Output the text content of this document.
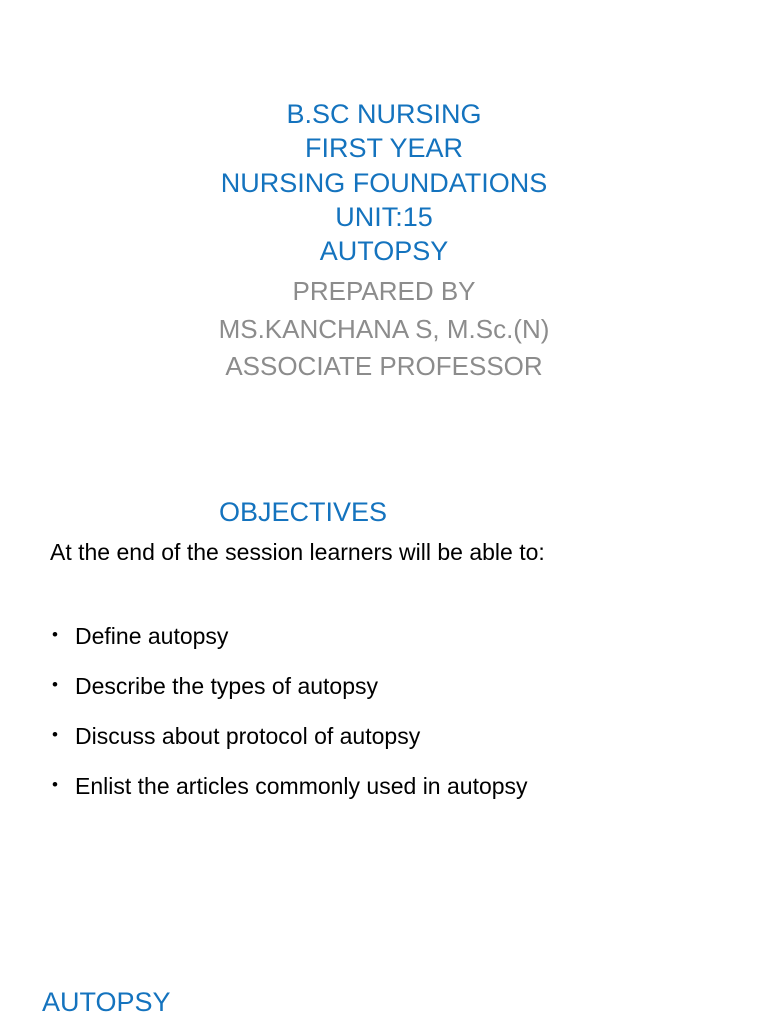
B.SC NURSING
FIRST YEAR
NURSING FOUNDATIONS
UNIT:15
AUTOPSY
PREPARED BY
MS.KANCHANA S, M.Sc.(N)
ASSOCIATE PROFESSOR
OBJECTIVES
At the end of the session learners will be able to:
• Define autopsy
• Describe the types of autopsy
• Discuss about protocol of autopsy
• Enlist the articles commonly used in autopsy
AUTOPSY
